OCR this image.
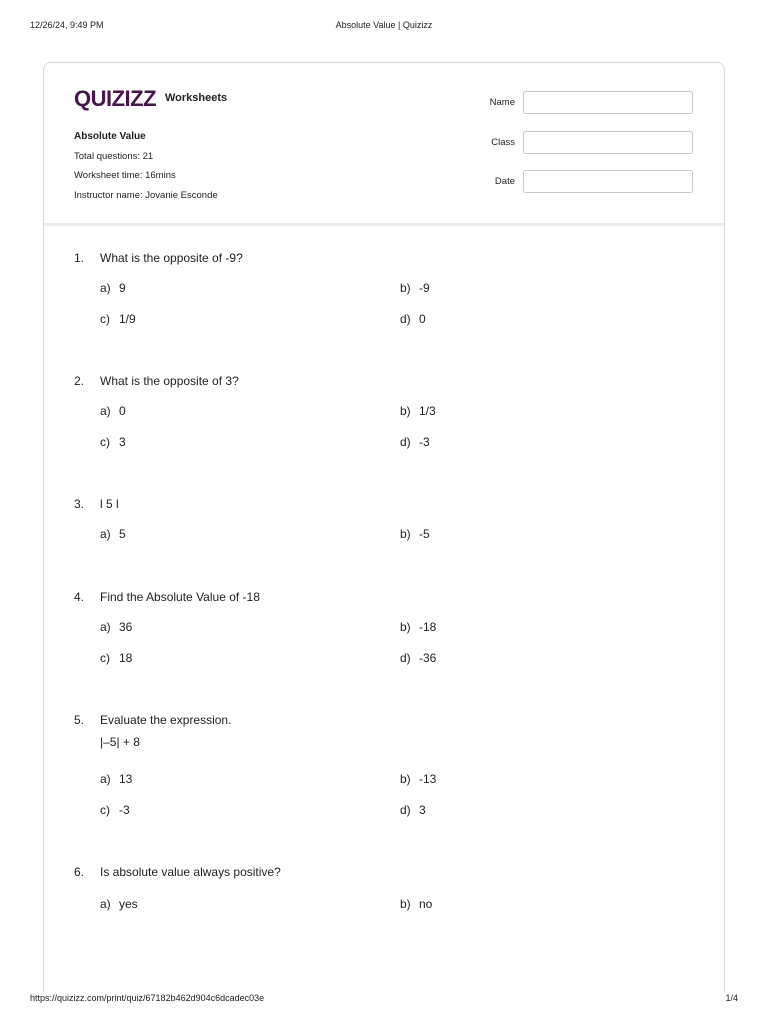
12/26/24, 9:49 PM	Absolute Value | Quizizz
QUIZIZZ Worksheets
Absolute Value
Total questions: 21
Worksheet time: 16mins
Instructor name: Jovanie Esconde
Name
Class
Date
1.	What is the opposite of -9?
a) 9	b) -9
c) 1/9	d) 0
2.	What is the opposite of 3?
a) 0	b) 1/3
c) 3	d) -3
3.	l 5 l
a) 5	b) -5
4.	Find the Absolute Value of -18
a) 36	b) -18
c) 18	d) -36
5.	Evaluate the expression.
|–5| + 8
a) 13	b) -13
c) -3	d) 3
6.	Is absolute value always positive?
a) yes	b) no
https://quizizz.com/print/quiz/67182b462d904c6dcadec03e	1/4
